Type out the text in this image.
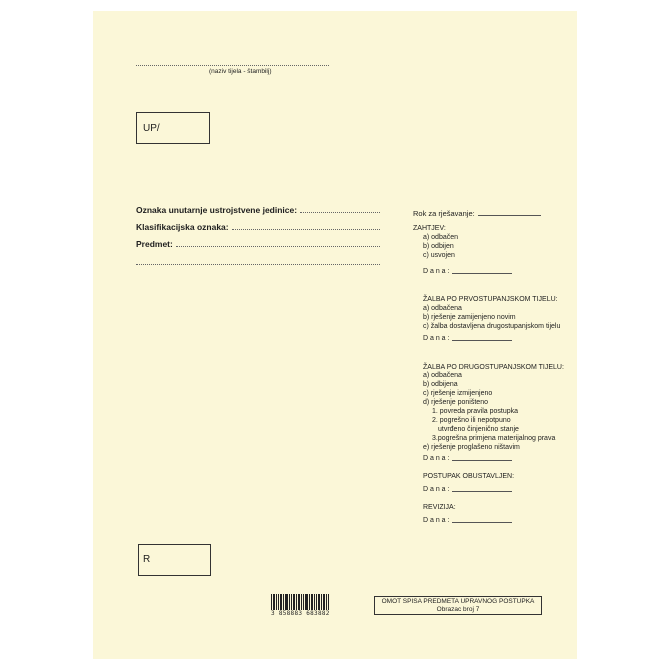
(naziv tijela - štambilj)
UP/
Oznaka unutarnje ustrojstvene jedinice:
Klasifikacijska oznaka:
Predmet:
Rok za rješavanje:
ZAHTJEV:
a) odbačen
b) odbijen
c) usvojen
D a n a :
ŽALBA PO PRVOSTUPANJSKOM TIJELU:
a) odbačena
b) rješenje zamijenjeno novim
c) žalba dostavljena drugostupanjskom tijelu
D a n a :
ŽALBA PO DRUGOSTUPANJSKOM TIJELU:
a) odbačena
b) odbijena
c) rješenje izmijenjeno
d) rješenje poništeno
1. povreda pravila postupka
2. pogrešno ili nepotpuno
utvrđeno činjenično stanje
3.pogrešna primjena materijalnog prava
e) rješenje proglašeno ništavim
D a n a :
POSTUPAK OBUSTAVLJEN:
D a n a :
REVIZIJA:
D a n a :
R
3 858883 683882
OMOT SPISA PREDMETA UPRAVNOG POSTUPKA
Obrazac broj 7
